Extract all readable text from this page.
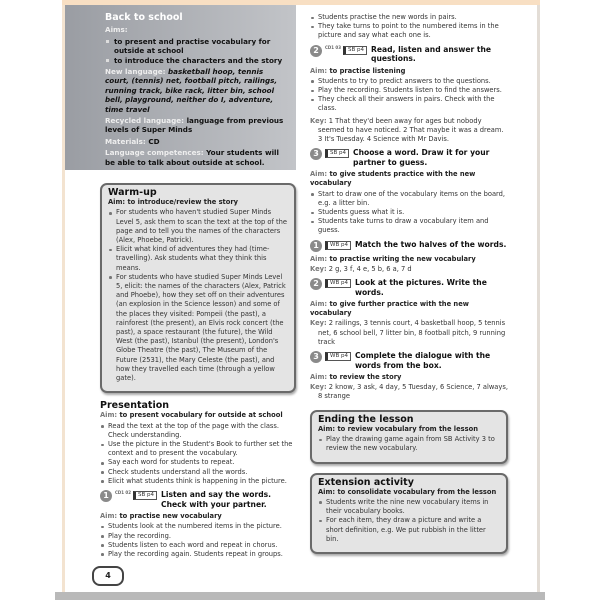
Back to school

Aims:

to present and practise vocabulary for outside at school
to introduce the characters and the story

New language: basketball hoop, tennis court, (tennis) net, football pitch, railings, running track, bike rack, litter bin, school bell, playground, neither do I, adventure, time travel

Recycled language: language from previous levels of Super Minds

Materials: CD

Language competences: Your students will be able to talk about outside at school.

Warm-up

Aim: to introduce/review the story

For students who haven't studied Super Minds Level 5, ask them to scan the text at the top of the page and to tell you the names of the characters (Alex, Phoebe, Patrick).
Elicit what kind of adventures they had (time-travelling). Ask students what they think this means.
For students who have studied Super Minds Level 5, elicit: the names of the characters (Alex, Patrick and Phoebe), how they set off on their adventures (an explosion in the Science lesson) and some of the places they visited: Pompeii (the past), a rainforest (the present), an Elvis rock concert (the past), a space restaurant (the future), the Wild West (the past), Istanbul (the present), London's Globe Theatre (the past), The Museum of the Future (2531), the Mary Celeste (the past), and how they travelled each time (through a yellow gate).
Presentation

Aim: to present vocabulary for outside at school

Read the text at the top of the page with the class. Check understanding.
Use the picture in the Student's Book to further set the context and to present the vocabulary.
Say each word for students to repeat.
Check students understand all the words.
Elicit what students think is happening in the picture.
1	CD1 02	SB p4 Listen and say the words. Check with your partner.

Aim: to practise new vocabulary

Students look at the numbered items in the picture.
Play the recording.
Students listen to each word and repeat in chorus.
Play the recording again. Students repeat in groups.
4
Students practise the new words in pairs.
They take turns to point to the numbered items in the picture and say what each one is.
2	CD1 03	SB p4 Read, listen and answer the questions.

Aim: to practise listening

Students to try to predict answers to the questions.
Play the recording. Students listen to find the answers.
They check all their answers in pairs. Check with the class.

Key: 1 That they'd been away for ages but nobody seemed to have noticed. 2 That maybe it was a dream. 3 It's Tuesday. 4 Science with Mr Davis.

3	SB p4 Choose a word. Draw it for your partner to guess.

Aim: to give students practice with the new vocabulary

Start to draw one of the vocabulary items on the board, e.g. a litter bin.
Students guess what it is.
Students take turns to draw a vocabulary item and guess.
1	WB p4 Match the two halves of the words.

Aim: to practise writing the new vocabulary

Key: 2 g, 3 f, 4 e, 5 b, 6 a, 7 d

2	WB p4 Look at the pictures. Write the words.

Aim: to give further practice with the new vocabulary

Key: 2 railings, 3 tennis court, 4 basketball hoop, 5 tennis net, 6 school bell, 7 litter bin, 8 football pitch, 9 running track

3	WB p4 Complete the dialogue with the words from the box.

Aim: to review the story

Key: 2 know, 3 ask, 4 day, 5 Tuesday, 6 Science, 7 always, 8 strange

Ending the lesson

Aim: to review vocabulary from the lesson

Play the drawing game again from SB Activity 3 to review the new vocabulary.
Extension activity

Aim: to consolidate vocabulary from the lesson

Students write the nine new vocabulary items in their vocabulary books.
For each item, they draw a picture and write a short definition, e.g. We put rubbish in the litter bin.
